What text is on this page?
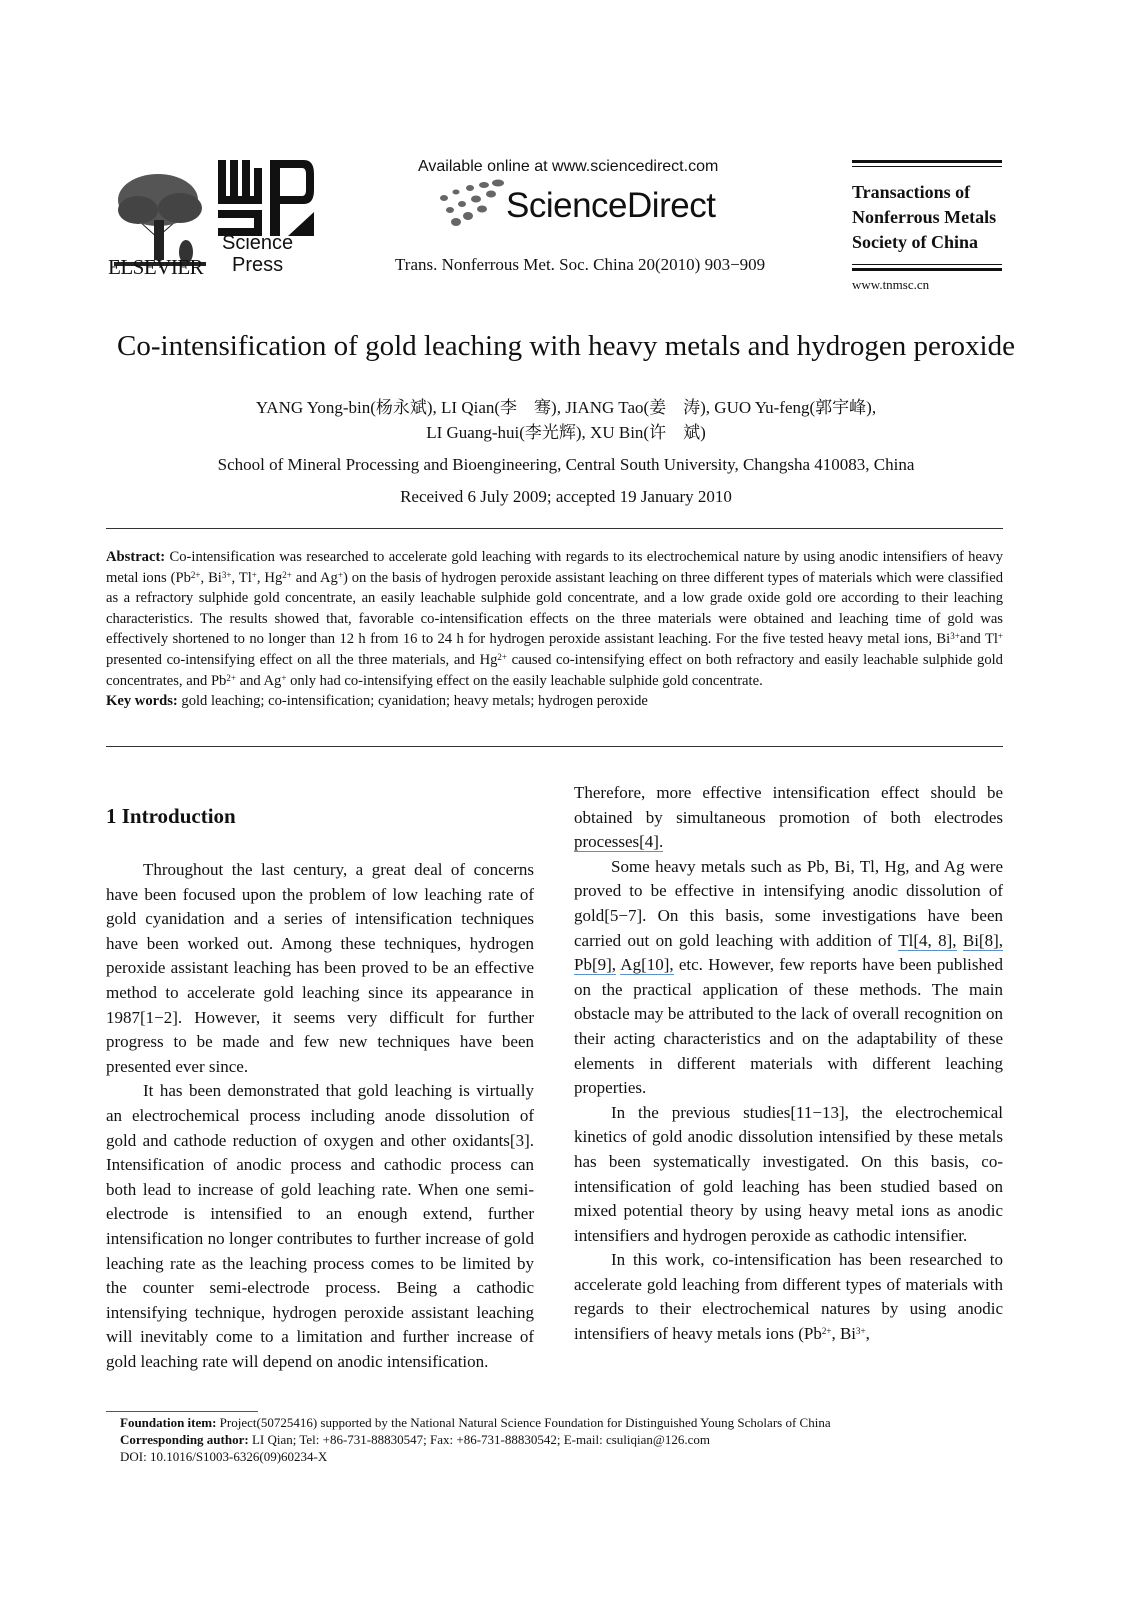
ELSEVIER
Science
Press
Available online at www.sciencedirect.com
ScienceDirect
Trans. Nonferrous Met. Soc. China 20(2010) 903−909
Transactions of
Nonferrous Metals
Society of China
www.tnmsc.cn
Co-intensification of gold leaching with heavy metals and hydrogen peroxide
YANG Yong-bin(杨永斌), LI Qian(李　骞), JIANG Tao(姜　涛), GUO Yu-feng(郭宇峰),
LI Guang-hui(李光辉), XU Bin(许　斌)
School of Mineral Processing and Bioengineering, Central South University, Changsha 410083, China
Received 6 July 2009; accepted 19 January 2010
Abstract: Co-intensification was researched to accelerate gold leaching with regards to its electrochemical nature by using anodic intensifiers of heavy metal ions ($Pb^{2+}$, $Bi^{3+}$, Tl+, $Hg^{2+}$ and Ag+) on the basis of hydrogen peroxide assistant leaching on three different types of materials which were classified as a refractory sulphide gold concentrate, an easily leachable sulphide gold concentrate, and a low grade oxide gold ore according to their leaching characteristics. The results showed that, favorable co-intensification effects on the three materials were obtained and leaching time of gold was effectively shortened to no longer than 12 h from 16 to 24 h for hydrogen peroxide assistant leaching. For the five tested heavy metal ions, $Bi^{3+}and$ Tl+ presented co-intensifying effect on all the three materials, and $Hg^{2+}$ caused co-intensifying effect on both refractory and easily leachable sulphide gold concentrates, and $Pb^{2+}$ and Ag+ only had co-intensifying effect on the easily leachable sulphide gold concentrate.
Key words: gold leaching; co-intensification; cyanidation; heavy metals; hydrogen peroxide
1 Introduction

Throughout the last century, a great deal of concerns have been focused upon the problem of low leaching rate of gold cyanidation and a series of intensification techniques have been worked out. Among these techniques, hydrogen peroxide assistant leaching has been proved to be an effective method to accelerate gold leaching since its appearance in 1987[1−2]. However, it seems very difficult for further progress to be made and few new techniques have been presented ever since.

It has been demonstrated that gold leaching is virtually an electrochemical process including anode dissolution of gold and cathode reduction of oxygen and other oxidants[3]. Intensification of anodic process and cathodic process can both lead to increase of gold leaching rate. When one semi-electrode is intensified to an enough extend, further intensification no longer contributes to further increase of gold leaching rate as the leaching process comes to be limited by the counter semi-electrode process. Being a cathodic intensifying technique, hydrogen peroxide assistant leaching will inevitably come to a limitation and further increase of gold leaching rate will depend on anodic intensification.

Therefore, more effective intensification effect should be obtained by simultaneous promotion of both electrodes processes[4].

Some heavy metals such as Pb, Bi, Tl, Hg, and Ag were proved to be effective in intensifying anodic dissolution of gold[5−7]. On this basis, some investigations have been carried out on gold leaching with addition of Tl[4, 8], Bi[8], Pb[9], Ag[10], etc. However, few reports have been published on the practical application of these methods. The main obstacle may be attributed to the lack of overall recognition on their acting characteristics and on the adaptability of these elements in different materials with different leaching properties.

In the previous studies[11−13], the electrochemical kinetics of gold anodic dissolution intensified by these metals has been systematically investigated. On this basis, co-intensification of gold leaching has been studied based on mixed potential theory by using heavy metal ions as anodic intensifiers and hydrogen peroxide as cathodic intensifier.

In this work, co-intensification has been researched to accelerate gold leaching from different types of materials with regards to their electrochemical natures by using anodic intensifiers of heavy metals ions ($Pb^{2+}$, $Bi^{3+}$,

Foundation item: Project(50725416) supported by the National Natural Science Foundation for Distinguished Young Scholars of China
Corresponding author: LI Qian; Tel: +86-731-88830547; Fax: +86-731-88830542; E-mail: csuliqian@126.com
DOI: 10.1016/S1003-6326(09)60234-X
